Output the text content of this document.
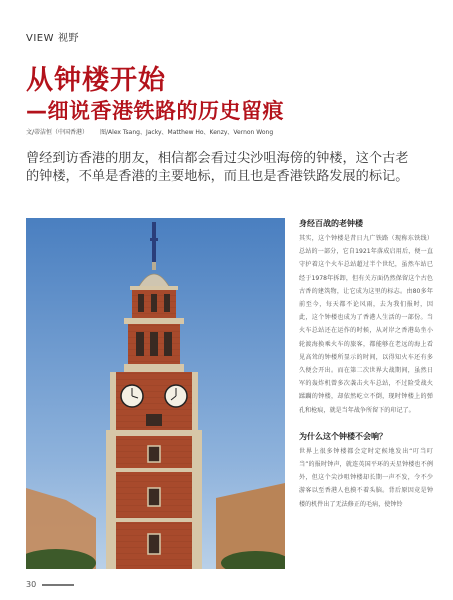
VIEW 视野
从钟楼开始
—细说香港铁路的历史留痕
文/蒂洁恒（中国香港） 图/Alex Tsang、Jacky、Matthew Ho、Kenzy、Vernon Wong

曾经到访香港的朋友，相信都会看过尖沙咀海傍的钟楼，这个古老的钟楼，不单是香港的主要地标，而且也是香港铁路发展的标记。

身经百战的老钟楼

其实，这个钟楼是昔日九广铁路（现称东铁线）总站的一部分，它自1921年落成启用后，便一直守护着这个火车总站超过半个世纪，虽然车站已经于1978年拆卸，但有关方面仍然保留这个古色古香的建筑物，让它成为这里的标志。由80多年前至今，每天都不论风雨，去为我们报时，因此，这个钟楼也成为了香港人生活的一部份。当火车总站还在运作的时候，从对岸之香港岛坐小轮渡海换乘火车的旅客，都能够在老远的海上看见高耸的钟楼所显示的时间，以得知火车还有多久便会开出。而在第二次世界大战期间，虽然日军的轰炸机曾多次袭击火车总站，不过险受战火蹂躏的钟楼，却依然屹立不倒，现时钟楼上的弹孔和枪痕，就是当年战争所留下的印记了。

为什么这个钟楼不会响？

世界上很多钟楼都会定时定候地发出“叮当叮当”的报时钟声，就连英国平环的天星钟楼也不例外，但这个尖沙咀钟楼却长期一声不发，令不少游客以至香港人也摸不着头脑。背后原因竟是钟楼的机件出了无法修正的毛病，使钟铃

30
